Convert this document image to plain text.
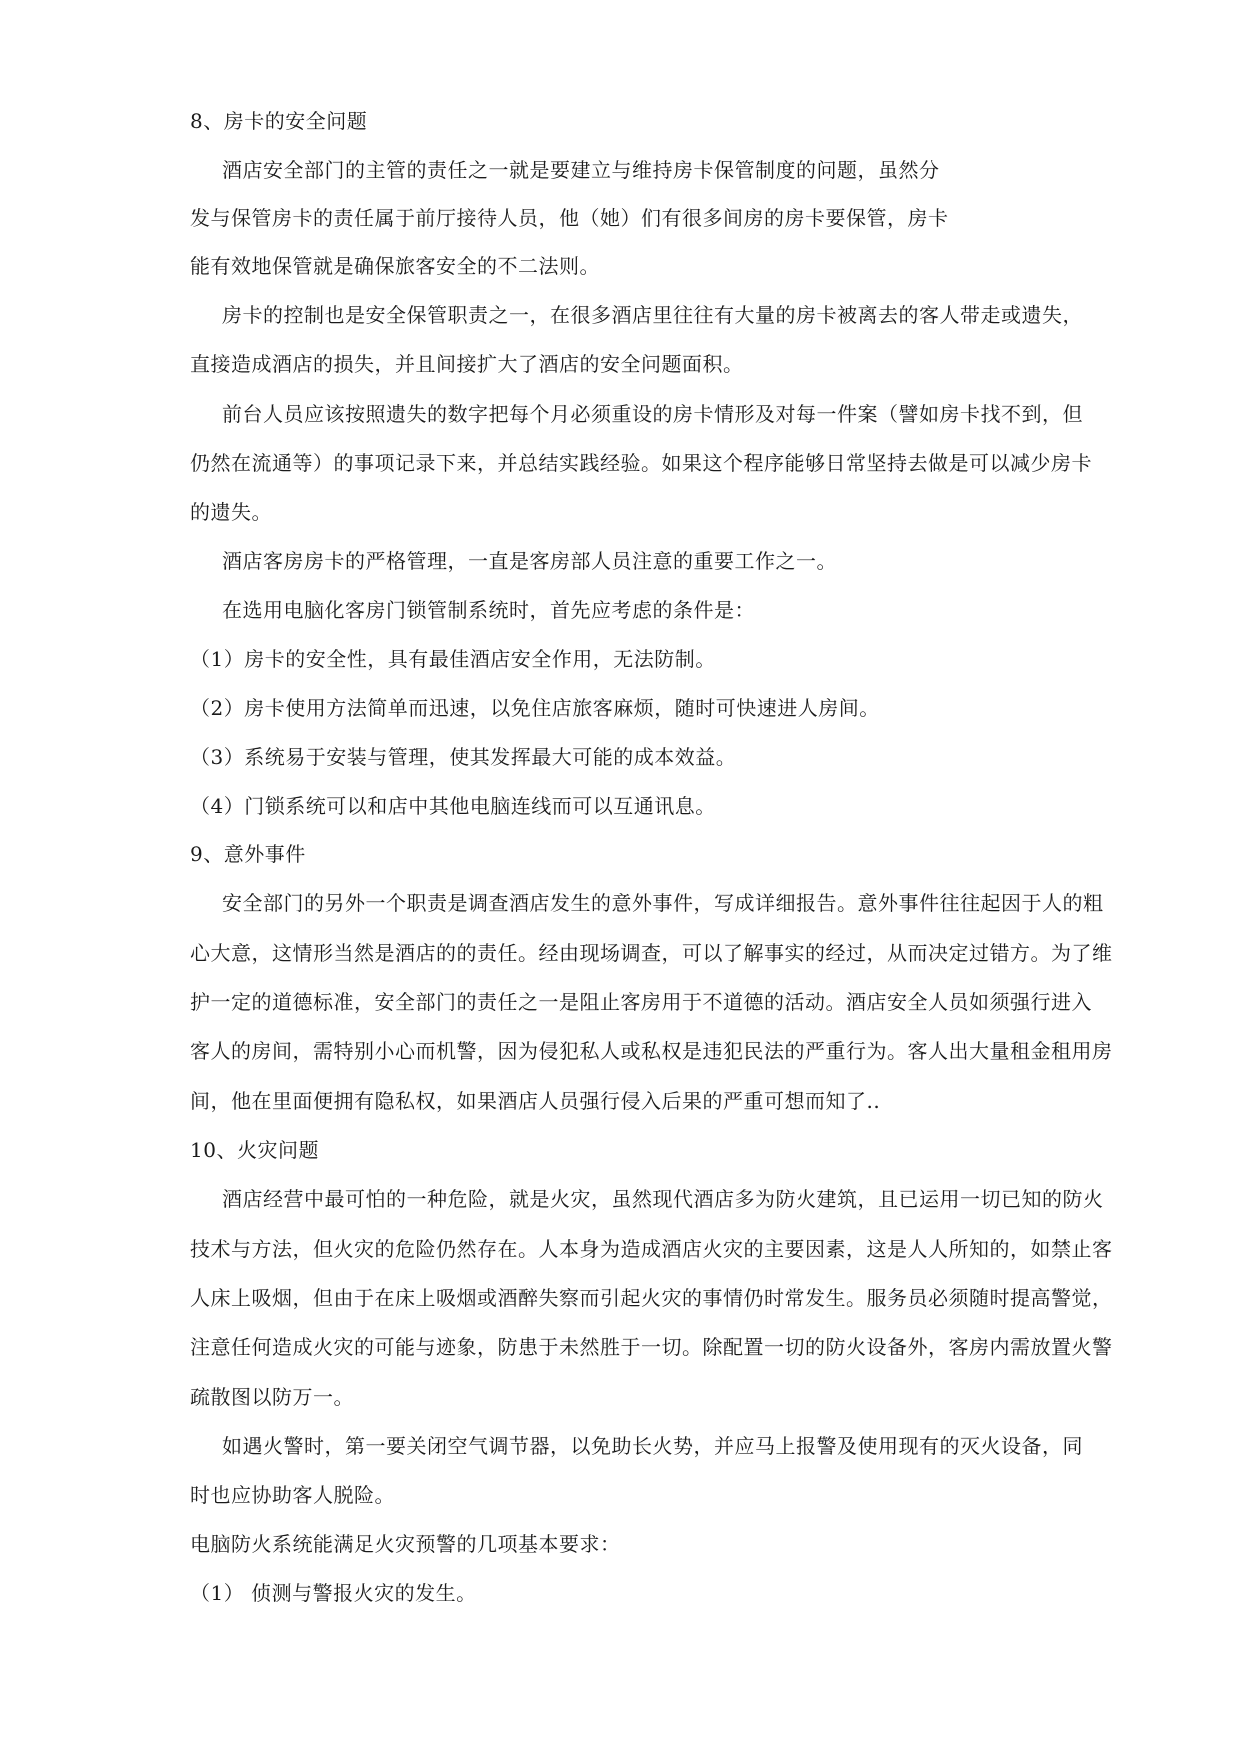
8、房卡的安全问题
酒店安全部门的主管的责任之一就是要建立与维持房卡保管制度的问题，虽然分
发与保管房卡的责任属于前厅接待人员，他（她）们有很多间房的房卡要保管，房卡
能有效地保管就是确保旅客安全的不二法则。
房卡的控制也是安全保管职责之一，在很多酒店里往往有大量的房卡被离去的客人带走或遗失，
直接造成酒店的损失，并且间接扩大了酒店的安全问题面积。
前台人员应该按照遗失的数字把每个月必须重设的房卡情形及对每一件案（譬如房卡找不到，但
仍然在流通等）的事项记录下来，并总结实践经验。如果这个程序能够日常坚持去做是可以减少房卡
的遗失。
酒店客房房卡的严格管理，一直是客房部人员注意的重要工作之一。
在选用电脑化客房门锁管制系统时，首先应考虑的条件是：
（1）房卡的安全性，具有最佳酒店安全作用，无法防制。
（2）房卡使用方法简单而迅速，以免住店旅客麻烦，随时可快速进人房间。
（3）系统易于安装与管理，使其发挥最大可能的成本效益。
（4）门锁系统可以和店中其他电脑连线而可以互通讯息。
9、意外事件
安全部门的另外一个职责是调查酒店发生的意外事件，写成详细报告。意外事件往往起因于人的粗
心大意，这情形当然是酒店的的责任。经由现场调查，可以了解事实的经过，从而决定过错方。为了维
护一定的道德标准，安全部门的责任之一是阻止客房用于不道德的活动。酒店安全人员如须强行进入
客人的房间，需特别小心而机警，因为侵犯私人或私权是违犯民法的严重行为。客人出大量租金租用房
间，他在里面便拥有隐私权，如果酒店人员强行侵入后果的严重可想而知了..
10、火灾问题
酒店经营中最可怕的一种危险，就是火灾，虽然现代酒店多为防火建筑，且已运用一切已知的防火
技术与方法，但火灾的危险仍然存在。人本身为造成酒店火灾的主要因素，这是人人所知的，如禁止客
人床上吸烟，但由于在床上吸烟或酒醉失察而引起火灾的事情仍时常发生。服务员必须随时提高警觉，
注意任何造成火灾的可能与迹象，防患于未然胜于一切。除配置一切的防火设备外，客房内需放置火警
疏散图以防万一。
如遇火警时，第一要关闭空气调节器，以免助长火势，并应马上报警及使用现有的灭火设备，同
时也应协助客人脱险。
电脑防火系统能满足火灾预警的几项基本要求：
（1） 侦测与警报火灾的发生。
